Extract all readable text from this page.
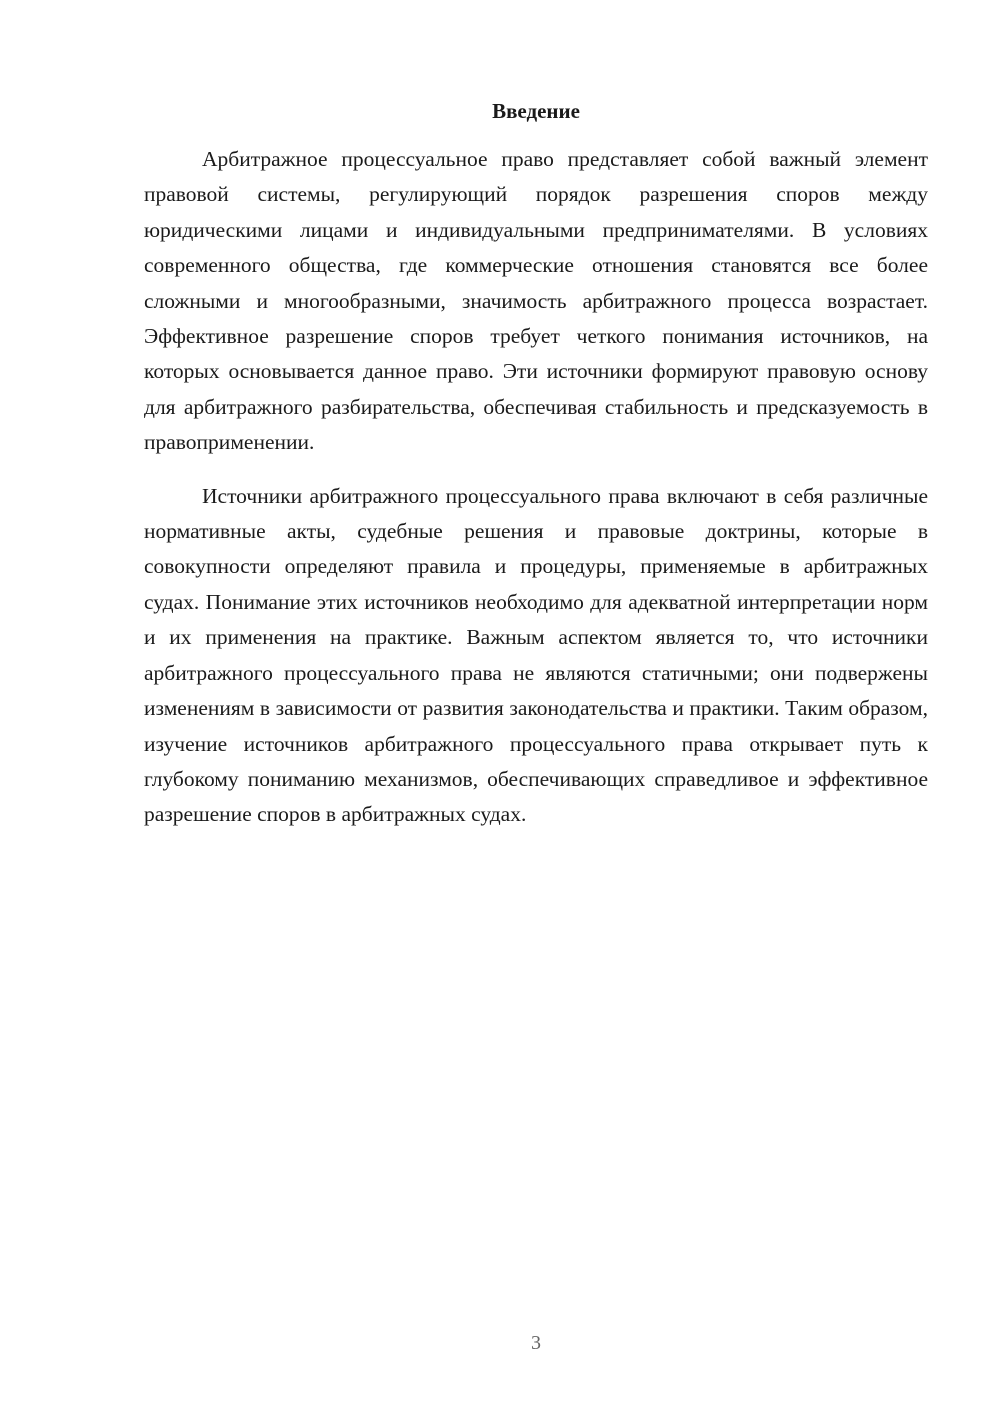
Введение

Арбитражное процессуальное право представляет собой важный элемент правовой системы, регулирующий порядок разрешения споров между юридическими лицами и индивидуальными предпринимателями. В условиях современного общества, где коммерческие отношения становятся все более сложными и многообразными, значимость арбитражного процесса возрастает. Эффективное разрешение споров требует четкого понимания источников, на которых основывается данное право. Эти источники формируют правовую основу для арбитражного разбирательства, обеспечивая стабильность и предсказуемость в правоприменении.

Источники арбитражного процессуального права включают в себя различные нормативные акты, судебные решения и правовые доктрины, которые в совокупности определяют правила и процедуры, применяемые в арбитражных судах. Понимание этих источников необходимо для адекватной интерпретации норм и их применения на практике. Важным аспектом является то, что источники арбитражного процессуального права не являются статичными; они подвержены изменениям в зависимости от развития законодательства и практики. Таким образом, изучение источников арбитражного процессуального права открывает путь к глубокому пониманию механизмов, обеспечивающих справедливое и эффективное разрешение споров в арбитражных судах.

3
